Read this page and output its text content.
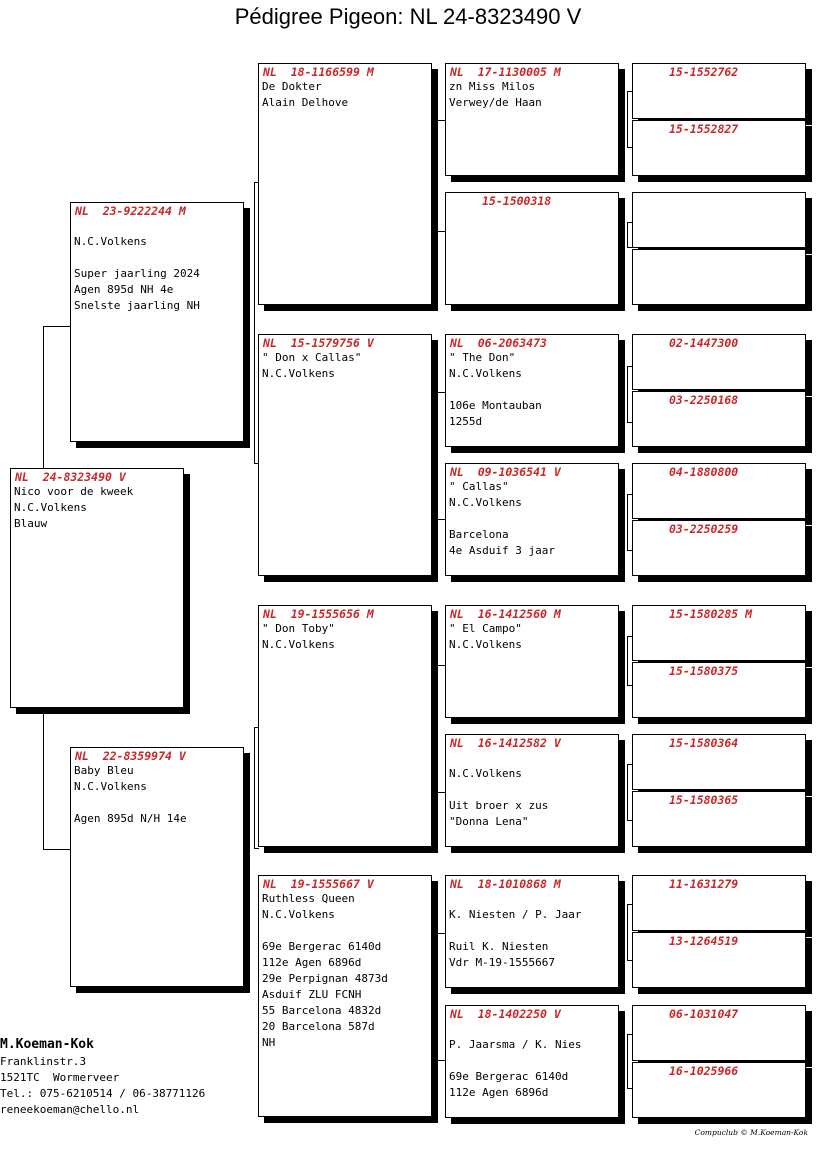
Pédigree Pigeon: NL 24-8323490 V
NL  24-8323490 V
Nico voor de kweek
N.C.Volkens
Blauw
NL  23-9222244 M
N.C.Volkens
Super jaarling 2024
Agen 895d NH 4e
Snelste jaarling NH
NL  22-8359974 V
Baby Bleu
N.C.Volkens
Agen 895d N/H 14e
NL  18-1166599 M
De Dokter
Alain Delhove
NL  15-1579756 V
" Don x Callas"
N.C.Volkens
NL  19-1555656 M
" Don Toby"
N.C.Volkens
NL  19-1555667 V
Ruthless Queen
N.C.Volkens
69e Bergerac 6140d
112e Agen 6896d
29e Perpignan 4873d
Asduif ZLU FCNH
55 Barcelona 4832d
20 Barcelona 587d
NH
NL  17-1130005 M
zn Miss Milos
Verwey/de Haan
15-1500318
NL  06-2063473
" The Don"
N.C.Volkens
106e Montauban
1255d
NL  09-1036541 V
" Callas"
N.C.Volkens
Barcelona
4e Asduif 3 jaar
NL  16-1412560 M
" El Campo"
N.C.Volkens
NL  16-1412582 V
N.C.Volkens
Uit broer x zus
"Donna Lena"
NL  18-1010868 M
K. Niesten / P. Jaar
Ruil K. Niesten
Vdr M-19-1555667
NL  18-1402250 V
P. Jaarsma / K. Nies
69e Bergerac 6140d
112e Agen 6896d
15-1552762
15-1552827
02-1447300
03-2250168
04-1880800
03-2250259
15-1580285 M
15-1580375
15-1580364
15-1580365
11-1631279
13-1264519
06-1031047
16-1025966
M.Koeman-Kok
Franklinstr.3
1521TC  Wormerveer
Tel.: 075-6210514 / 06-38771126
reneekoeman@chello.nl
Compuclub © M.Koeman-Kok
